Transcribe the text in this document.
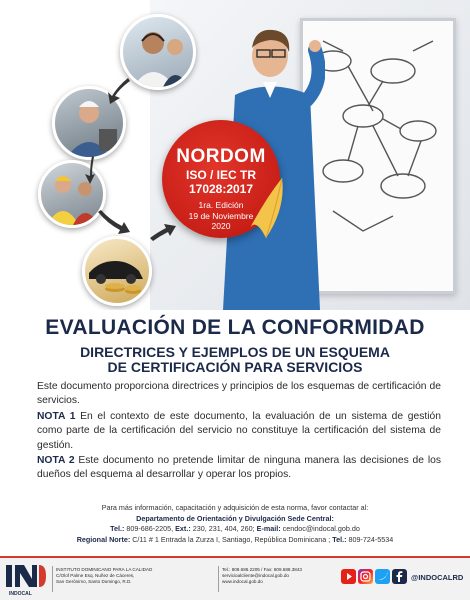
NORDOM
ISO / IEC TR
17028:2017
1ra. Edición
19 de Noviembre
2020
EVALUACIÓN DE LA CONFORMIDAD
DIRECTRICES Y EJEMPLOS DE UN ESQUEMA
DE CERTIFICACIÓN PARA SERVICIOS

Este documento proporciona directrices y principios de los esquemas de certificación de servicios.

NOTA 1 En el contexto de este documento, la evaluación de un sistema de gestión como parte de la certificación del servicio no constituye la certificación del sistema de gestión.

NOTA 2 Este documento no pretende limitar de ninguna manera las decisiones de los dueños del esquema al desarrollar y operar los propios.

Para más información, capacitación y adquisición de esta norma, favor contactar al:
Departamento de Orientación y Divulgación Sede Central:
Tel.: 809-686-2205, Ext.: 230, 231, 404, 260; E-mail: cendoc@indocal.gob.do
Regional Norte: C/11 # 1 Entrada la Zurza I, Santiago, República Dominicana ; Tel.: 809-724-5534
INDOCAL
INSTITUTO DOMINICANO PARA LA CALIDAD
C/Olof Palme Esq. Nuñez de Cáceres,
San Gerónimo, Santo Domingo, R.D.
Tel.: 809.686.2205 / Fax: 809.688.3843
servicioalcliente@indocal.gob.do
www.indocal.gob.do	@INDOCALRD
